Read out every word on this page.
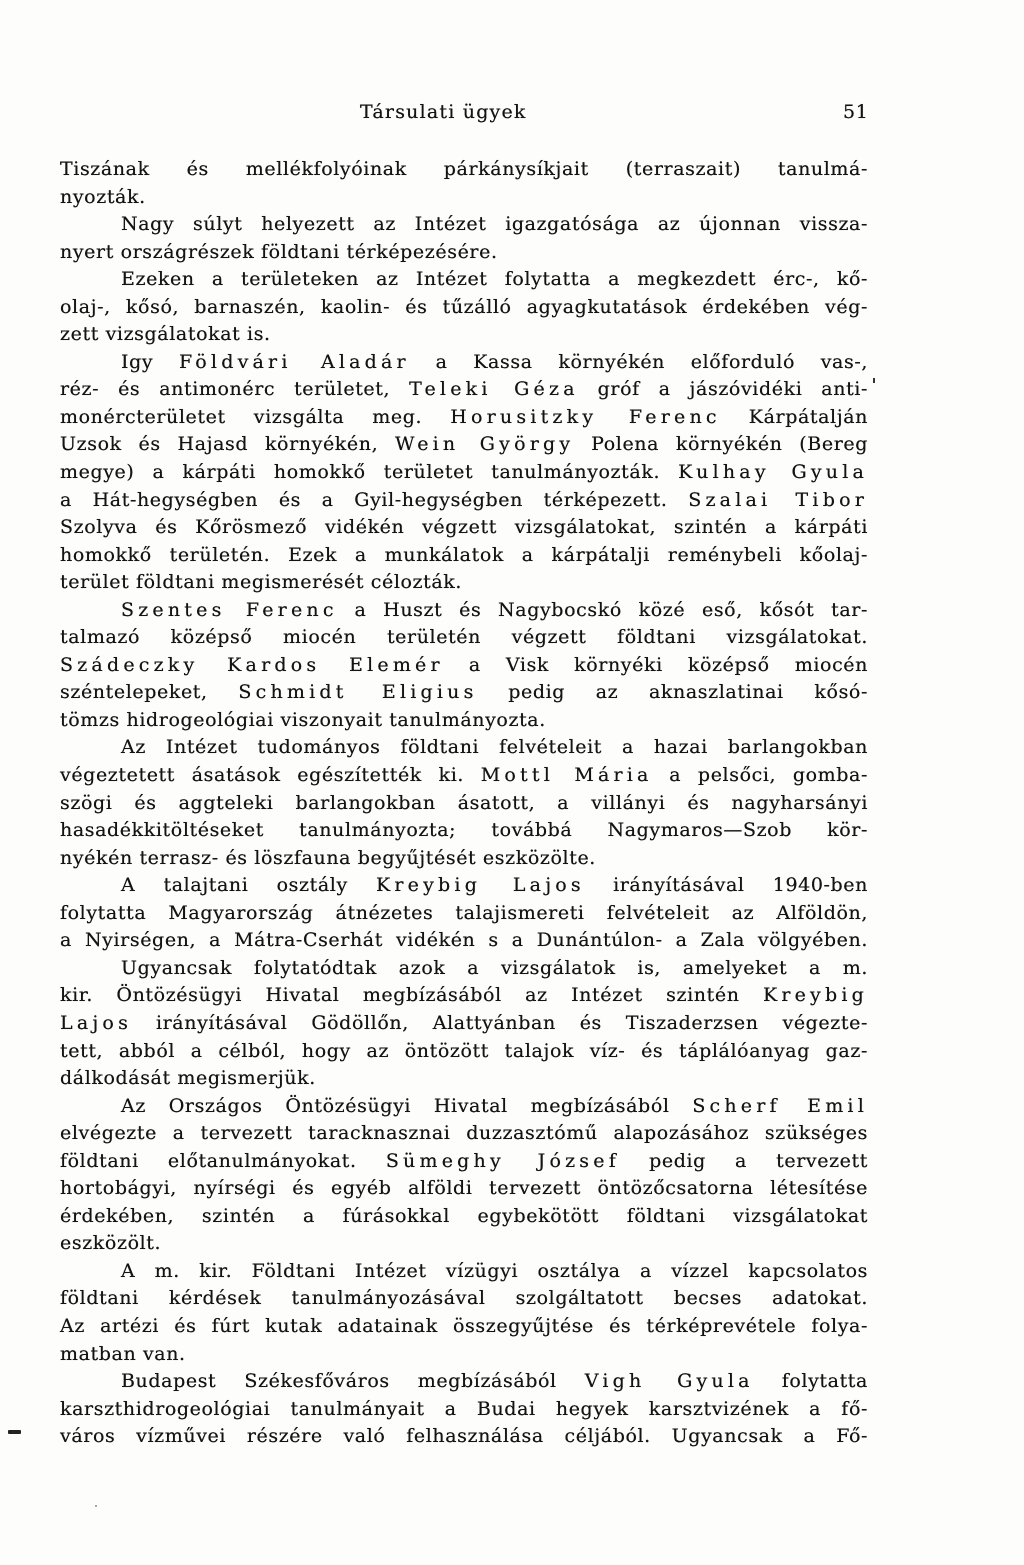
Társulati ügyek	51
Tiszának és mellékfolyóinak párkánysíkjait (terraszait) tanulmá-
nyozták.
Nagy súlyt helyezett az Intézet igazgatósága az újonnan vissza-
nyert országrészek földtani térképezésére.
Ezeken a területeken az Intézet folytatta a megkezdett érc-, kő-
olaj-, kősó, barnaszén, kaolin- és tűzálló agyagkutatások érdekében vég-
zett vizsgálatokat is.
Igy Földvári Aladár a Kassa környékén előforduló vas-,
réz- és antimonérc területet, Teleki Géza gróf a jászóvidéki anti-
monércterületet vizsgálta meg. Horusitzky Ferenc Kárpátalján
Uzsok és Hajasd környékén, Wein György Polena környékén (Bereg
megye) a kárpáti homokkő területet tanulmányozták. Kulhay Gyula
a Hát-hegységben és a Gyil-hegységben térképezett. Szalai Tibor
Szolyva és Kőrösmező vidékén végzett vizsgálatokat, szintén a kárpáti
homokkő területén. Ezek a munkálatok a kárpátalji reménybeli kőolaj-
terület földtani megismerését célozták.
Szentes Ferenc a Huszt és Nagybocskó közé eső, kősót tar-
talmazó középső miocén területén végzett földtani vizsgálatokat.
Szádeczky Kardos Elemér a Visk környéki középső miocén
széntelepeket, Schmidt Eligius pedig az aknaszlatinai kősó-
tömzs hidrogeológiai viszonyait tanulmányozta.
Az Intézet tudományos földtani felvételeit a hazai barlangokban
végeztetett ásatások egészítették ki. Mottl Mária a pelsőci, gomba-
szögi és aggteleki barlangokban ásatott, a villányi és nagyharsányi
hasadékkitöltéseket tanulmányozta; továbbá Nagymaros—Szob kör-
nyékén terrasz- és löszfauna begyűjtését eszközölte.
A talajtani osztály Kreybig Lajos irányításával 1940-ben
folytatta Magyarország átnézetes talajismereti felvételeit az Alföldön,
a Nyirségen, a Mátra-Cserhát vidékén s a Dunántúlon- a Zala völgyében.
Ugyancsak folytatódtak azok a vizsgálatok is, amelyeket a m.
kir. Öntözésügyi Hivatal megbízásából az Intézet szintén Kreybig
Lajos irányításával Gödöllőn, Alattyánban és Tiszaderzsen végezte-
tett, abból a célból, hogy az öntözött talajok víz- és táplálóanyag gaz-
dálkodását megismerjük.
Az Országos Öntözésügyi Hivatal megbízásából Scherf Emil
elvégezte a tervezett taracknasznai duzzasztómű alapozásához szükséges
földtani előtanulmányokat. Sümeghy József pedig a tervezett
hortobágyi, nyírségi és egyéb alföldi tervezett öntözőcsatorna létesítése
érdekében, szintén a fúrásokkal egybekötött földtani vizsgálatokat
eszközölt.
A m. kir. Földtani Intézet vízügyi osztálya a vízzel kapcsolatos
földtani kérdések tanulmányozásával szolgáltatott becses adatokat.
Az artézi és fúrt kutak adatainak összegyűjtése és térképrevétele folya-
matban van.
Budapest Székesfőváros megbízásából Vigh Gyula folytatta
karszthidrogeológiai tanulmányait a Budai hegyek karsztvizének a fő-
város vízművei részére való felhasználása céljából. Ugyancsak a Fő-
